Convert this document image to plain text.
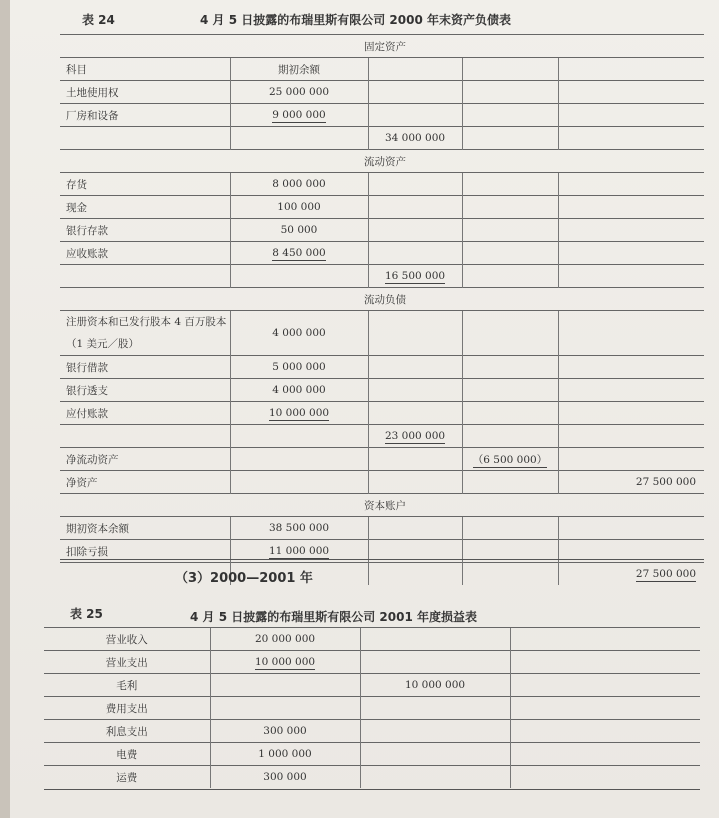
表 24	4 月 5 日披露的布瑞里斯有限公司 2000 年末资产负债表
固定资产				
科目	期初余额			
土地使用权	25 000 000			
厂房和设备	9 000 000			
		34 000 000		
流动资产				
存货	8 000 000			
现金	100 000			
银行存款	50 000			
应收账款	8 450 000			
		16 500 000		
流动负债				
注册资本和已发行股本 4 百万股本（1 美元／股）	4 000 000			
银行借款	5 000 000			
银行透支	4 000 000			
应付账款	10 000 000			
		23 000 000		
净流动资产			（6 500 000）	
净资产				27 500 000
资本账户				
期初资本余额	38 500 000			
扣除亏损	11 000 000			
				27 500 000
（3）2000—2001 年
表 25	4 月 5 日披露的布瑞里斯有限公司 2001 年度损益表
营业收入	20 000 000		
营业支出	10 000 000		
毛利		10 000 000	
费用支出			
利息支出	300 000		
电费	1 000 000		
运费	300 000		
